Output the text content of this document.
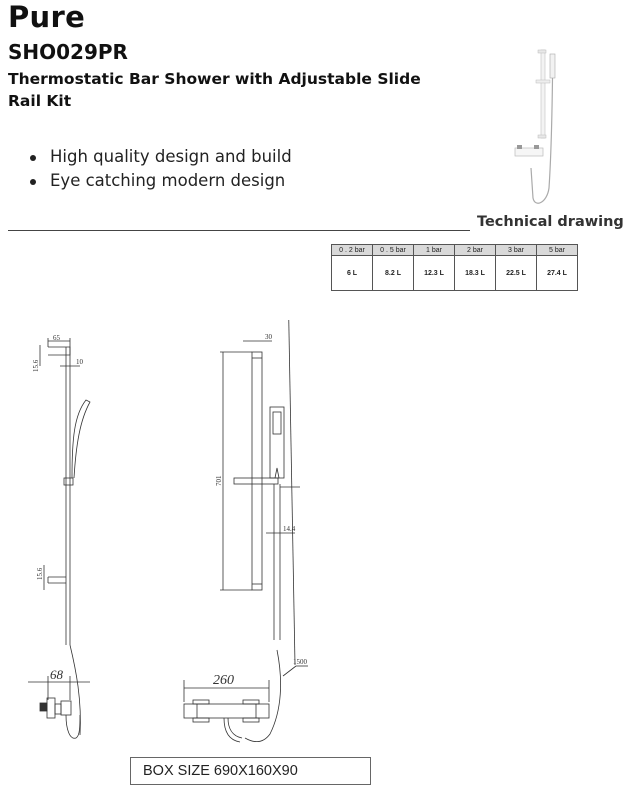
Pure
SHO029PR
Thermostatic Bar Shower with Adjustable Slide Rail Kit
High quality design and build
Eye catching modern design
Technical drawing
0 . 2 bar	0 . 5 bar	1 bar	2 bar	3 bar	5 bar
6 L	8.2 L	12.3 L	18.3 L	22.5 L	27.4 L
65
15.6	10
15.6
68
30
701
14.4
1500
260
BOX SIZE 690X160X90
